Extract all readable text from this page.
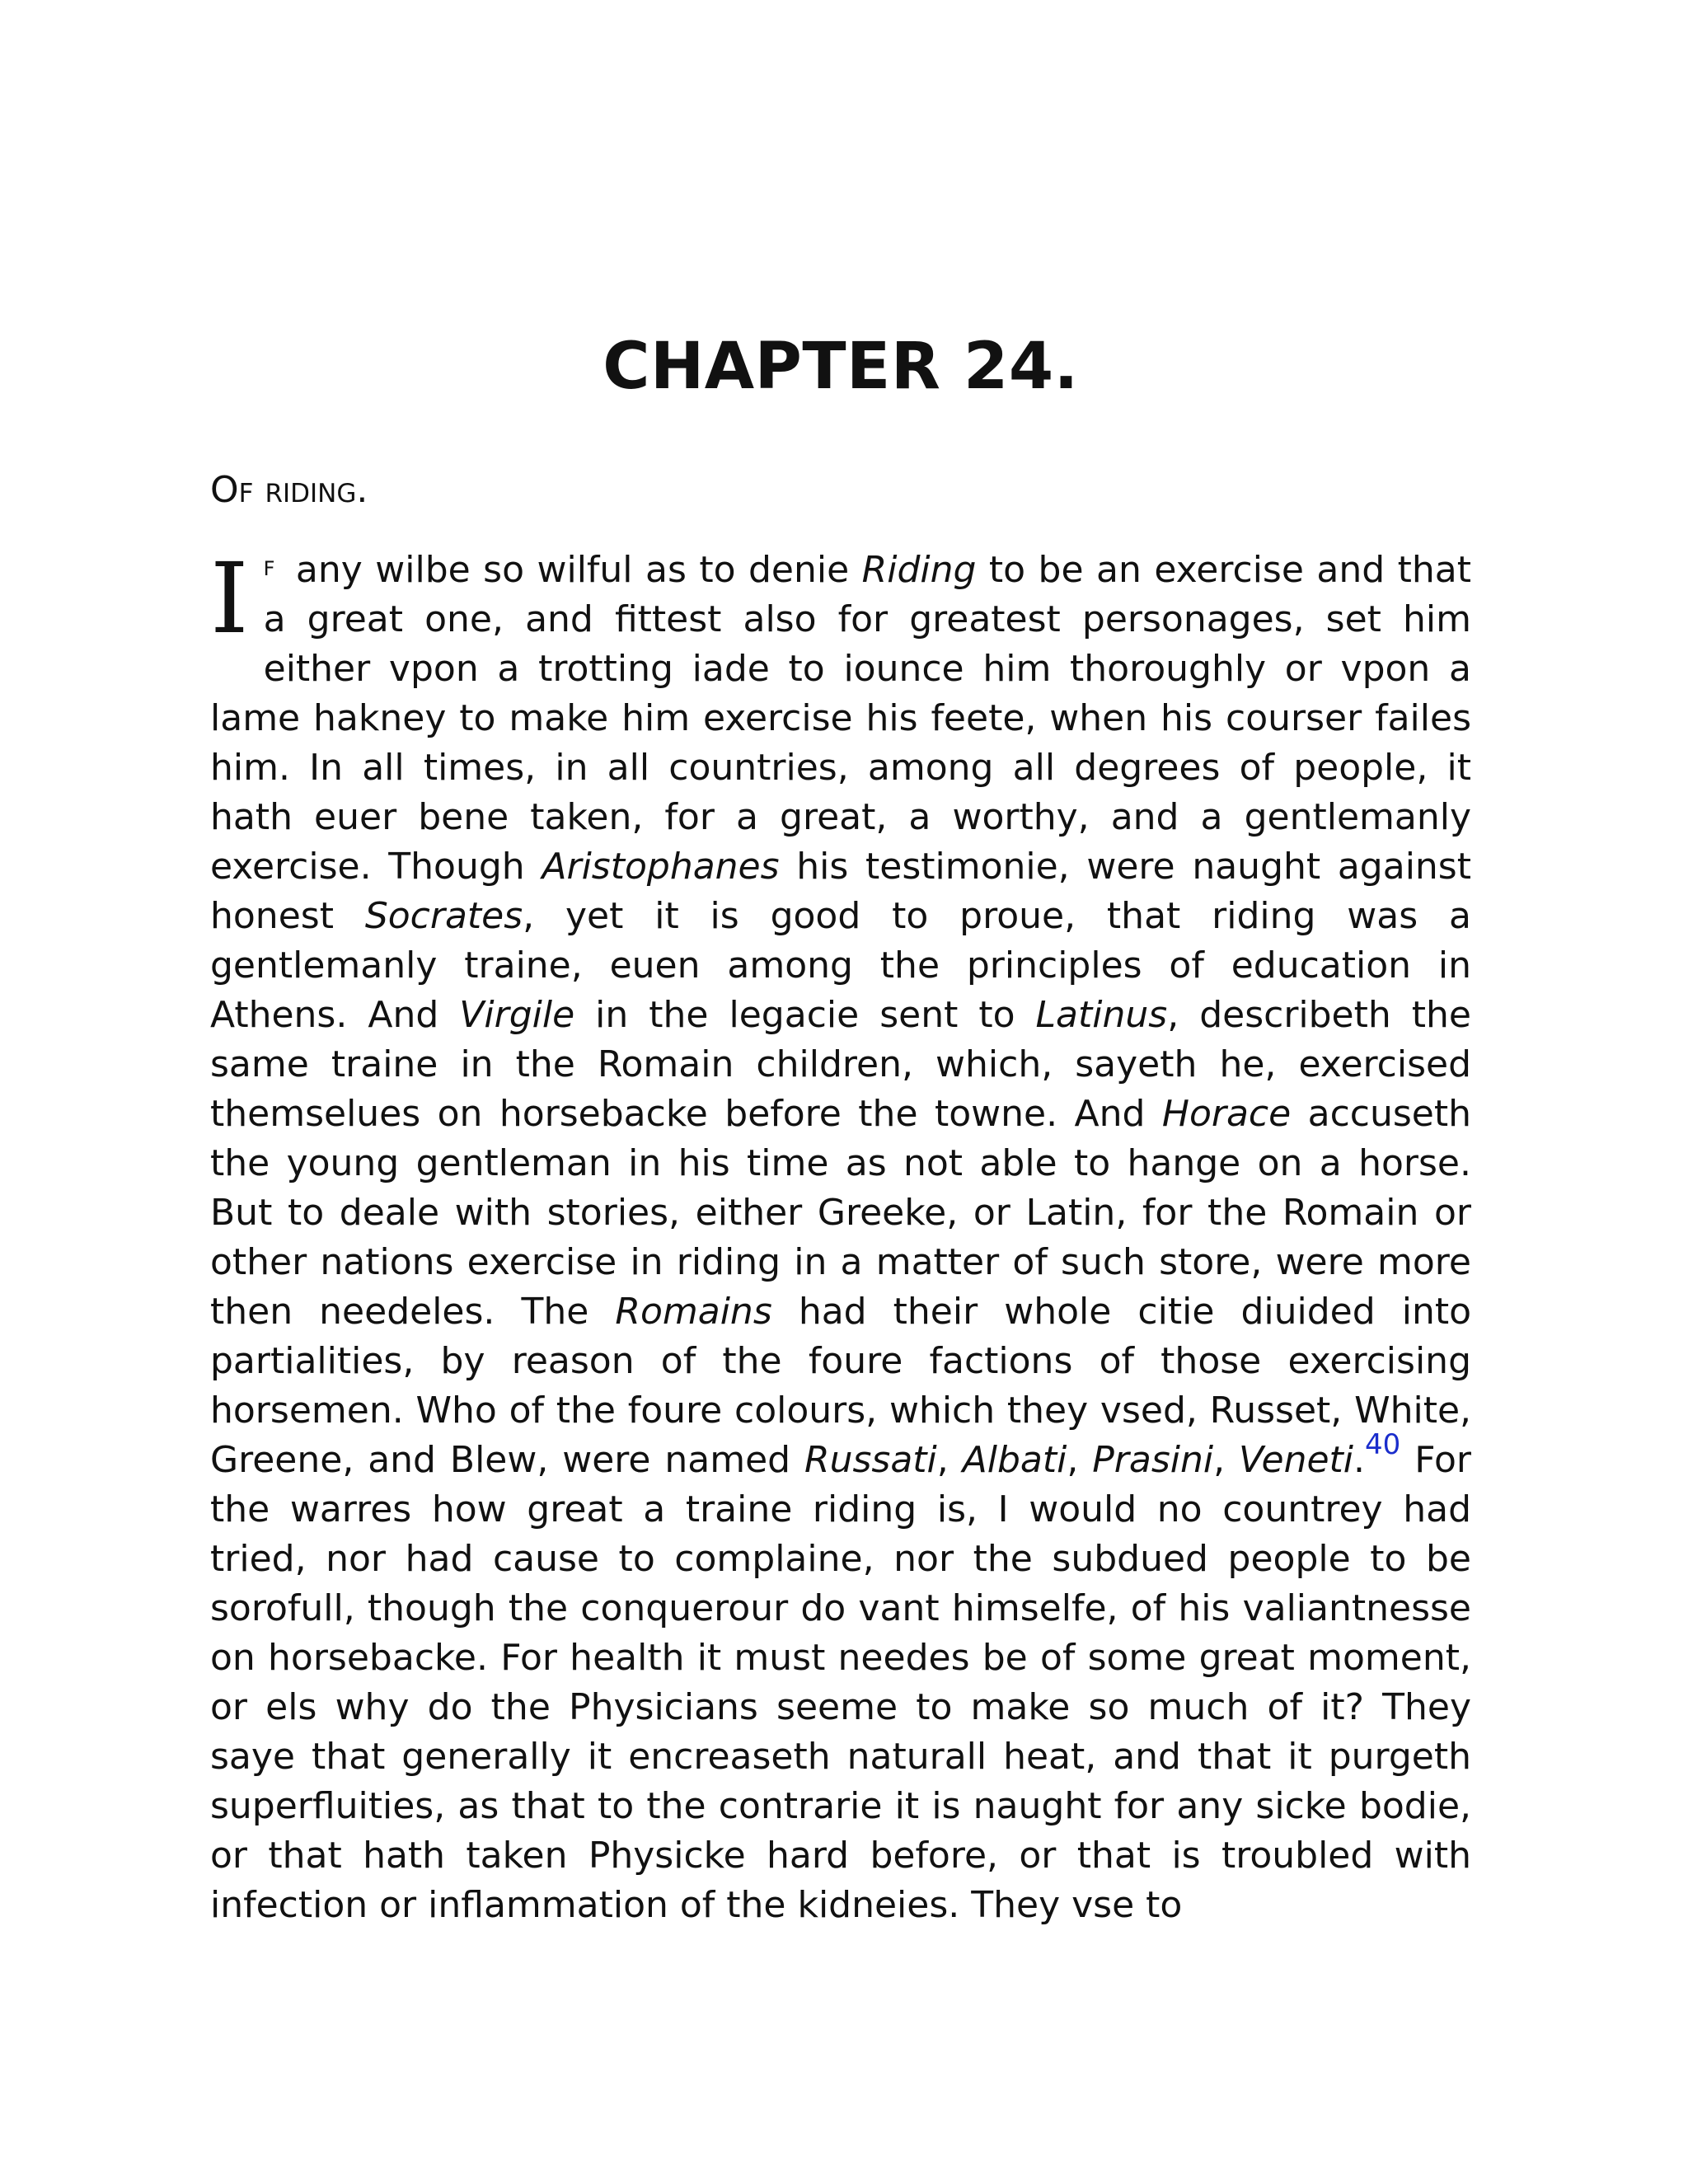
CHAPTER 24.

Of riding.

I F any wilbe so wilful as to denie Riding to be an exercise and that a great one, and fittest also for greatest personages, set him either vpon a trotting iade to iounce him thoroughly or vpon a lame hakney to make him exercise his feete, when his courser failes him. In all times, in all countries, among all degrees of people, it hath euer bene taken, for a great, a worthy, and a gentlemanly exercise. Though Aristophanes his testimonie, were naught against honest Socrates, yet it is good to proue, that riding was a gentlemanly traine, euen among the principles of education in Athens. And Virgile in the legacie sent to Latinus, describeth the same traine in the Romain children, which, sayeth he, exercised themselues on horsebacke before the towne. And Horace accuseth the young gentleman in his time as not able to hange on a horse. But to deale with stories, either Greeke, or Latin, for the Romain or other nations exercise in riding in a matter of such store, were more then needeles. The Romains had their whole citie diuided into partialities, by reason of the foure factions of those exercising horsemen. Who of the foure colours, which they vsed, Russet, White, Greene, and Blew, were named Russati, Albati, Prasini, Veneti.$^{40}$ For the warres how great a traine riding is, I would no countrey had tried, nor had cause to complaine, nor the subdued people to be sorofull, though the conquerour do vant himselfe, of his valiantnesse on horsebacke. For health it must needes be of some great moment, or els why do the Physicians seeme to make so much of it? They saye that generally it encreaseth naturall heat, and that it purgeth superfluities, as that to the contrarie it is naught for any sicke bodie, or that hath taken Physicke hard before, or that is troubled with infection or inflammation of the kidneies. They vse to
